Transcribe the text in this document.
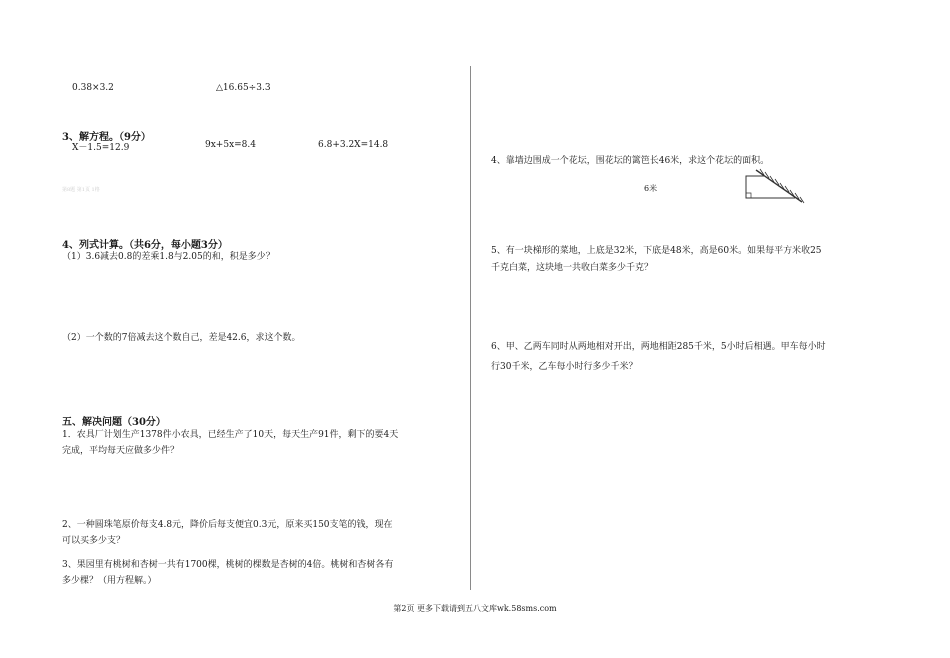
0.38×3.2	△16.65÷3.3
3、解方程。（9分）
X－1.5=12.9	9x+5x=8.4	6.8+3.2X=14.8
第8题 第1页 1格
4、列式计算。（共6分，每小题3分）
（1）3.6减去0.8的差乘1.8与2.05的和，积是多少？
（2）一个数的7倍减去这个数自己，差是42.6，求这个数。
五、解决问题（30分）
1．农具厂计划生产1378件小农具，已经生产了10天，每天生产91件，剩下的要4天
完成，平均每天应做多少件？
2、一种圆珠笔原价每支4.8元，降价后每支便宜0.3元，原来买150支笔的钱，现在
可以买多少支？
3、果园里有桃树和杏树一共有1700棵，桃树的棵数是杏树的4倍。桃树和杏树各有
多少棵？（用方程解。）
4、靠墙边围成一个花坛，围花坛的篱笆长46米，求这个花坛的面积。
6米
5、有一块梯形的菜地，上底是32米，下底是48米，高是60米。如果每平方米收25
千克白菜，这块地一共收白菜多少千克？
6、甲、乙两车同时从两地相对开出，两地相距285千米，5小时后相遇。甲车每小时
行30千米，乙车每小时行多少千米？
第2页 更多下载请到五八文库wk.58sms.com
